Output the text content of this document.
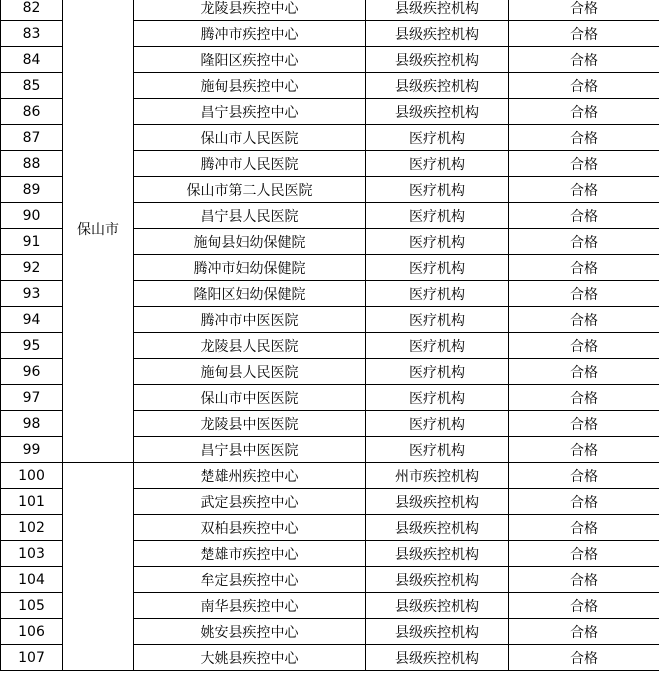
82	保山市	龙陵县疾控中心	县级疾控机构	合格
83		腾冲市疾控中心	县级疾控机构	合格
84		隆阳区疾控中心	县级疾控机构	合格
85		施甸县疾控中心	县级疾控机构	合格
86		昌宁县疾控中心	县级疾控机构	合格
87		保山市人民医院	医疗机构	合格
88		腾冲市人民医院	医疗机构	合格
89		保山市第二人民医院	医疗机构	合格
90		昌宁县人民医院	医疗机构	合格
91		施甸县妇幼保健院	医疗机构	合格
92		腾冲市妇幼保健院	医疗机构	合格
93		隆阳区妇幼保健院	医疗机构	合格
94		腾冲市中医医院	医疗机构	合格
95		龙陵县人民医院	医疗机构	合格
96		施甸县人民医院	医疗机构	合格
97		保山市中医医院	医疗机构	合格
98		龙陵县中医医院	医疗机构	合格
99		昌宁县中医医院	医疗机构	合格
100		楚雄州疾控中心	州市疾控机构	合格
101		武定县疾控中心	县级疾控机构	合格
102		双柏县疾控中心	县级疾控机构	合格
103		楚雄市疾控中心	县级疾控机构	合格
104		牟定县疾控中心	县级疾控机构	合格
105		南华县疾控中心	县级疾控机构	合格
106		姚安县疾控中心	县级疾控机构	合格
107		大姚县疾控中心	县级疾控机构	合格
